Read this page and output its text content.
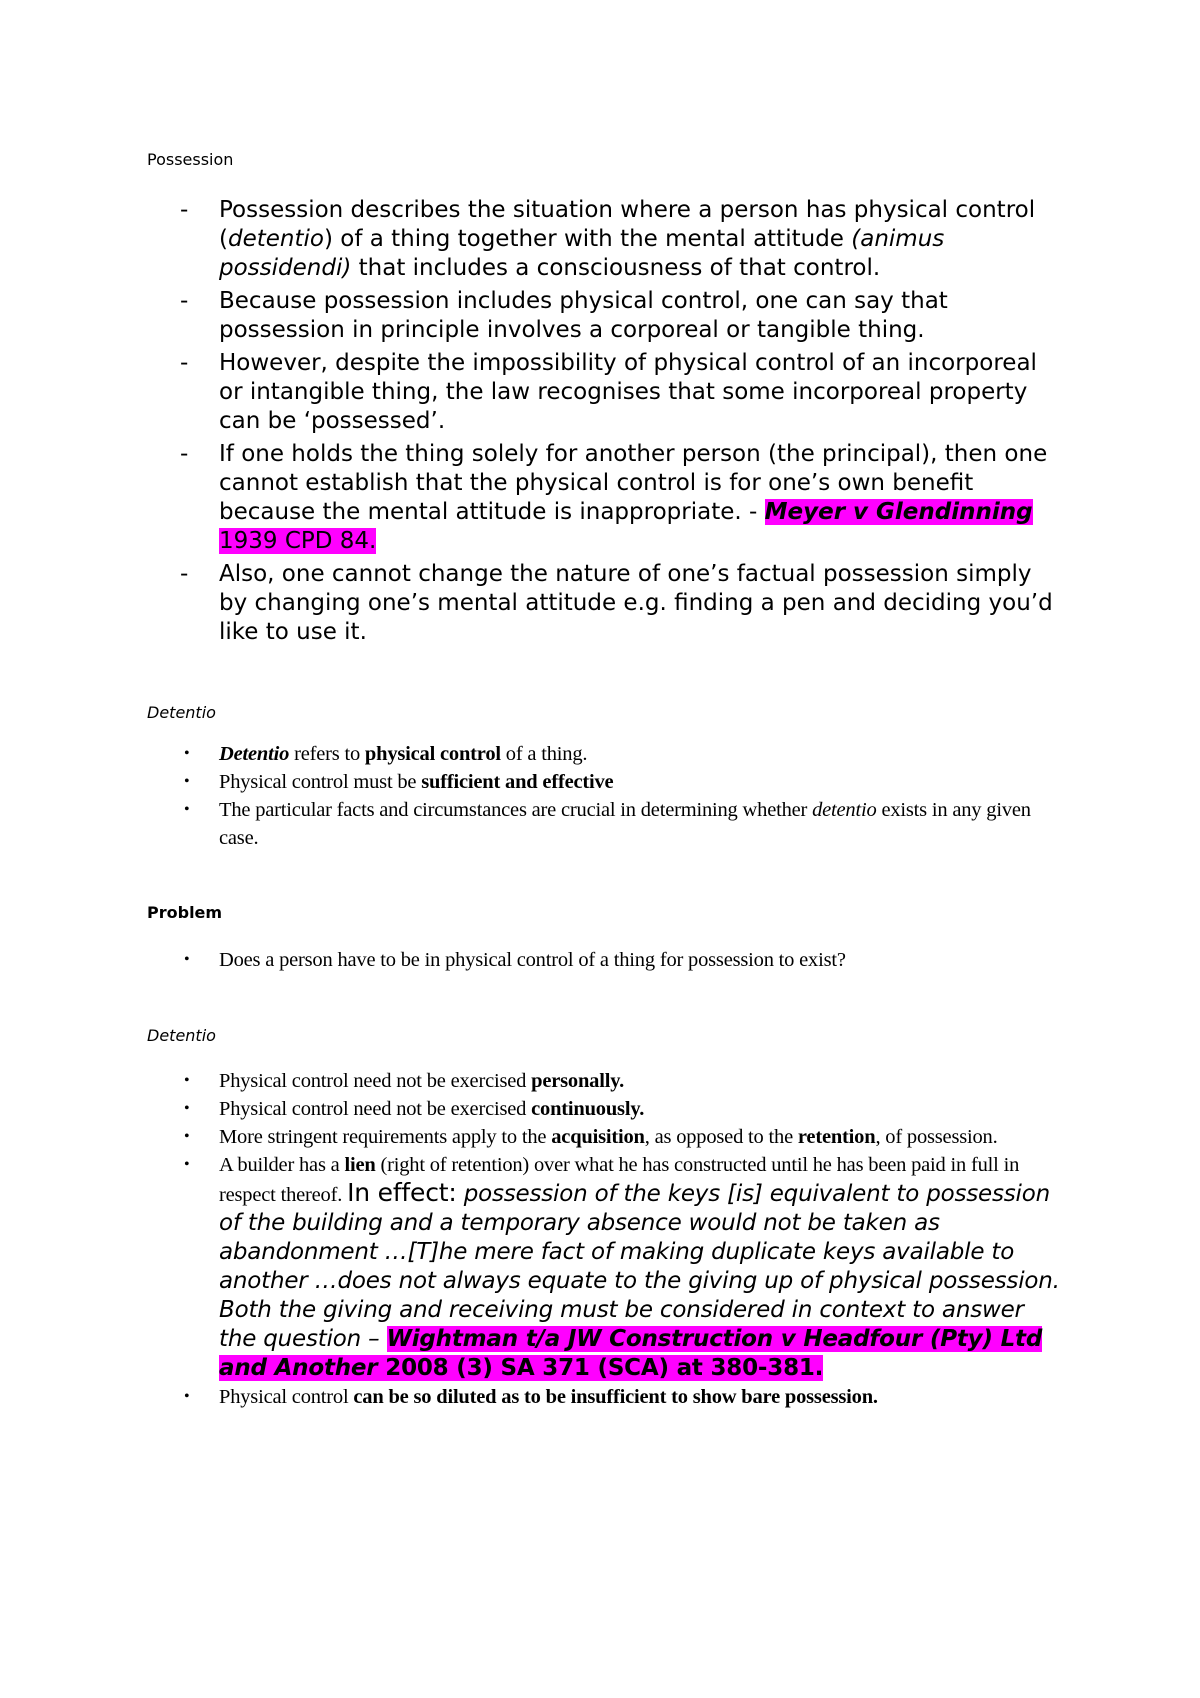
Possession
- Possession describes the situation where a person has physical control (detentio) of a thing together with the mental attitude (animus possidendi) that includes a consciousness of that control.
- Because possession includes physical control, one can say that possession in principle involves a corporeal or tangible thing.
- However, despite the impossibility of physical control of an incorporeal or intangible thing, the law recognises that some incorporeal property can be ‘possessed’.
- If one holds the thing solely for another person (the principal), then one cannot establish that the physical control is for one’s own benefit because the mental attitude is inappropriate. - Meyer v Glendinning 1939 CPD 84.
- Also, one cannot change the nature of one’s factual possession simply by changing one’s mental attitude e.g. finding a pen and deciding you’d like to use it.
Detentio
• Detentio refers to physical control of a thing.
• Physical control must be sufficient and effective
• The particular facts and circumstances are crucial in determining whether detentio exists in any given case.
Problem
• Does a person have to be in physical control of a thing for possession to exist?
Detentio
• Physical control need not be exercised personally.
• Physical control need not be exercised continuously.
• More stringent requirements apply to the acquisition, as opposed to the retention, of possession.
• A builder has a lien (right of retention) over what he has constructed until he has been paid in full in respect thereof. In effect: possession of the keys [is] equivalent to possession of the building and a temporary absence would not be taken as abandonment …[T]he mere fact of making duplicate keys available to another …does not always equate to the giving up of physical possession. Both the giving and receiving must be considered in context to answer the question – Wightman t/a JW Construction v Headfour (Pty) Ltd and Another 2008 (3) SA 371 (SCA) at 380-381.
• Physical control can be so diluted as to be insufficient to show bare possession.
